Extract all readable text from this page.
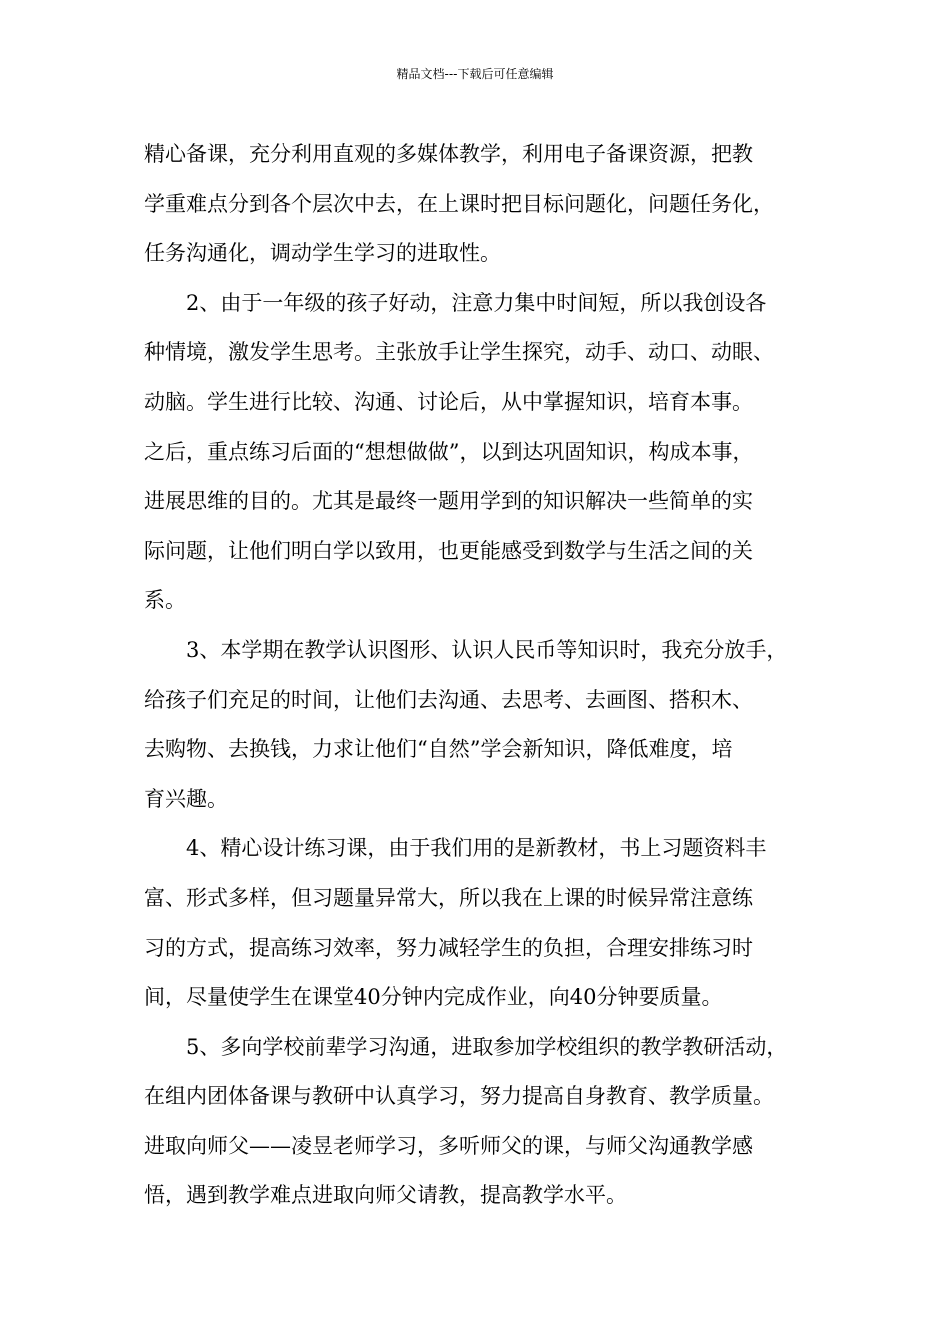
精品文档---下载后可任意编辑
精心备课，充分利用直观的多媒体教学，利用电子备课资源，把教
学重难点分到各个层次中去，在上课时把目标问题化，问题任务化，
任务沟通化，调动学生学习的进取性。
　　2、由于一年级的孩子好动，注意力集中时间短，所以我创设各
种情境，激发学生思考。主张放手让学生探究，动手、动口、动眼、
动脑。学生进行比较、沟通、讨论后，从中掌握知识，培育本事。
之后，重点练习后面的“想想做做”，以到达巩固知识，构成本事，
进展思维的目的。尤其是最终一题用学到的知识解决一些简单的实
际问题，让他们明白学以致用，也更能感受到数学与生活之间的关
系。
　　3、本学期在教学认识图形、认识人民币等知识时，我充分放手，
给孩子们充足的时间，让他们去沟通、去思考、去画图、搭积木、
去购物、去换钱，力求让他们“自然”学会新知识，降低难度，培
育兴趣。
　　4、精心设计练习课，由于我们用的是新教材，书上习题资料丰
富、形式多样，但习题量异常大，所以我在上课的时候异常注意练
习的方式，提高练习效率，努力减轻学生的负担，合理安排练习时
间，尽量使学生在课堂40分钟内完成作业，向40分钟要质量。
　　5、多向学校前辈学习沟通，进取参加学校组织的教学教研活动，
在组内团体备课与教研中认真学习，努力提高自身教育、教学质量。
进取向师父——凌昱老师学习，多听师父的课，与师父沟通教学感
悟，遇到教学难点进取向师父请教，提高教学水平。
